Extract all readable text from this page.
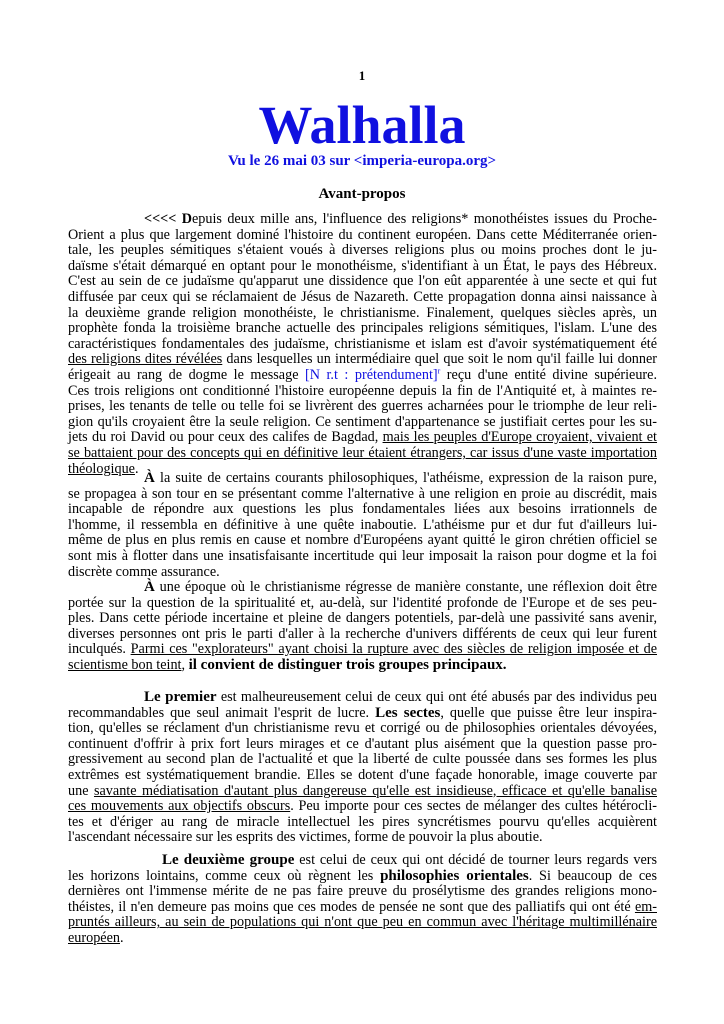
1
Walhalla
Vu le 26 mai 03 sur <imperia-europa.org>
Avant-propos
<<<< Depuis deux mille ans, l'influence des religions* monothéistes issues du Proche-
Orient a plus que largement dominé l'histoire du continent européen. Dans cette Méditerranée orien-
tale, les peuples sémitiques s'étaient voués à diverses religions plus ou moins proches dont le ju-
daïsme s'était démarqué en optant pour le monothéisme, s'identifiant à un État, le pays des Hébreux.
C'est au sein de ce judaïsme qu'apparut une dissidence que l'on eût apparentée à une secte et qui fut
diffusée par ceux qui se réclamaient de Jésus de Nazareth. Cette propagation donna ainsi naissance à
la deuxième grande religion monothéiste, le christianisme. Finalement, quelques siècles après, un
prophète fonda la troisième branche actuelle des principales religions sémitiques, l'islam. L'une des
caractéristiques fondamentales des judaïsme, christianisme et islam est d'avoir systématiquement été
des religions dites révélées dans lesquelles un intermédiaire quel que soit le nom qu'il faille lui donner
érigeait au rang de dogme le message [N r.t : prétendument]$^r$ reçu d'une entité divine supérieure.
Ces trois religions ont conditionné l'histoire européenne depuis la fin de l'Antiquité et, à maintes re-
prises, les tenants de telle ou telle foi se livrèrent des guerres acharnées pour le triomphe de leur reli-
gion qu'ils croyaient être la seule religion. Ce sentiment d'appartenance se justifiait certes pour les su-
jets du roi David ou pour ceux des califes de Bagdad, mais les peuples d'Europe croyaient, vivaient et
se battaient pour des concepts qui en définitive leur étaient étrangers, car issus d'une vaste importation
théologique.
À la suite de certains courants philosophiques, l'athéisme, expression de la raison pure,
se propagea à son tour en se présentant comme l'alternative à une religion en proie au discrédit, mais
incapable de répondre aux questions les plus fondamentales liées aux besoins irrationnels de
l'homme, il ressembla en définitive à une quête inaboutie. L'athéisme pur et dur fut d'ailleurs lui-
même de plus en plus remis en cause et nombre d'Européens ayant quitté le giron chrétien officiel se
sont mis à flotter dans une insatisfaisante incertitude qui leur imposait la raison pour dogme et la foi
discrète comme assurance.
À une époque où le christianisme régresse de manière constante, une réflexion doit être
portée sur la question de la spiritualité et, au-delà, sur l'identité profonde de l'Europe et de ses peu-
ples. Dans cette période incertaine et pleine de dangers potentiels, par-delà une passivité sans avenir,
diverses personnes ont pris le parti d'aller à la recherche d'univers différents de ceux qui leur furent
inculqués. Parmi ces "explorateurs" ayant choisi la rupture avec des siècles de religion imposée et de
scientisme bon teint, il convient de distinguer trois groupes principaux.
Le premier est malheureusement celui de ceux qui ont été abusés par des individus peu
recommandables que seul animait l'esprit de lucre. Les sectes, quelle que puisse être leur inspira-
tion, qu'elles se réclament d'un christianisme revu et corrigé ou de philosophies orientales dévoyées,
continuent d'offrir à prix fort leurs mirages et ce d'autant plus aisément que la question passe pro-
gressivement au second plan de l'actualité et que la liberté de culte poussée dans ses formes les plus
extrêmes est systématiquement brandie. Elles se dotent d'une façade honorable, image couverte par
une savante médiatisation d'autant plus dangereuse qu'elle est insidieuse, efficace et qu'elle banalise
ces mouvements aux objectifs obscurs. Peu importe pour ces sectes de mélanger des cultes hétérocli-
tes et d'ériger au rang de miracle intellectuel les pires syncrétismes pourvu qu'elles acquièrent
l'ascendant nécessaire sur les esprits des victimes, forme de pouvoir la plus aboutie.
Le deuxième groupe est celui de ceux qui ont décidé de tourner leurs regards vers
les horizons lointains, comme ceux où règnent les philosophies orientales. Si beaucoup de ces
dernières ont l'immense mérite de ne pas faire preuve du prosélytisme des grandes religions mono-
théistes, il n'en demeure pas moins que ces modes de pensée ne sont que des palliatifs qui ont été em-
pruntés ailleurs, au sein de populations qui n'ont que peu en commun avec l'héritage multimillénaire
européen.
